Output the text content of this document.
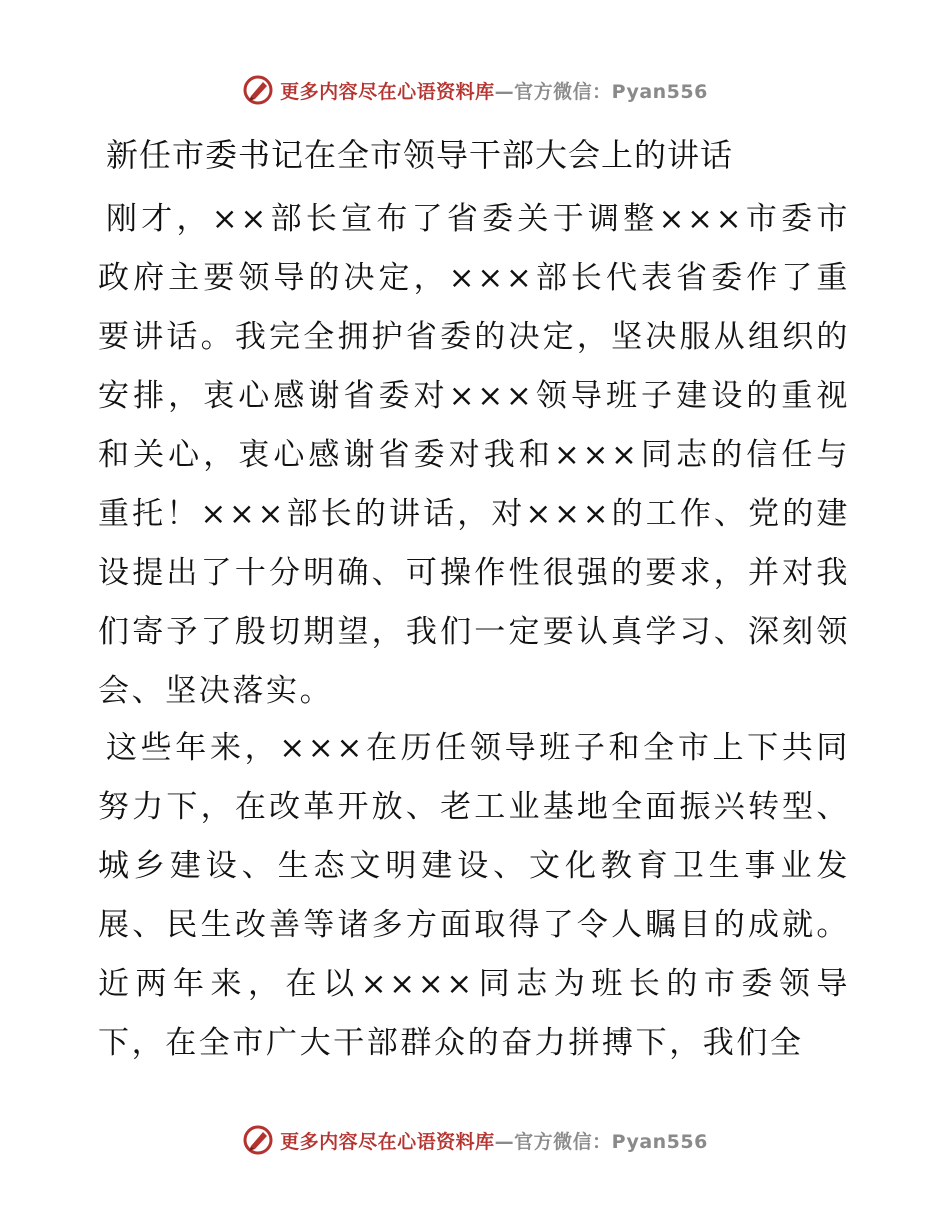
更多内容尽在心语资料库—官方微信：Pyan556
新任市委书记在全市领导干部大会上的讲话

刚才，××部长宣布了省委关于调整×××市委市政府主要领导的决定，×××部长代表省委作了重要讲话。我完全拥护省委的决定，坚决服从组织的安排，衷心感谢省委对×××领导班子建设的重视和关心，衷心感谢省委对我和×××同志的信任与重托！×××部长的讲话，对×××的工作、党的建设提出了十分明确、可操作性很强的要求，并对我们寄予了殷切期望，我们一定要认真学习、深刻领会、坚决落实。

这些年来，×××在历任领导班子和全市上下共同努力下，在改革开放、老工业基地全面振兴转型、城乡建设、生态文明建设、文化教育卫生事业发展、民生改善等诸多方面取得了令人瞩目的成就。近两年来，在以××××同志为班长的市委领导下，在全市广大干部群众的奋力拼搏下，我们全

更多内容尽在心语资料库—官方微信：Pyan556
